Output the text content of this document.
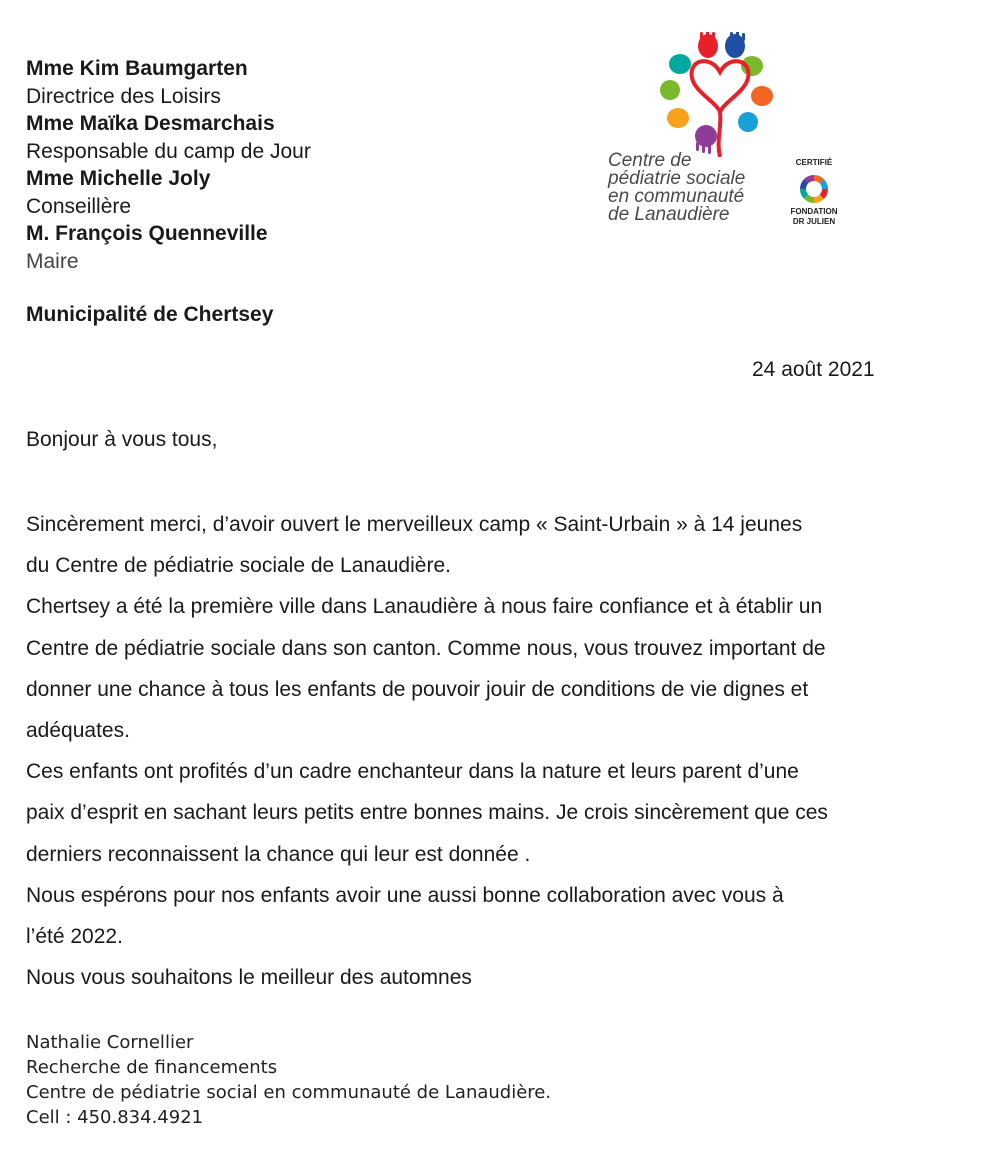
Mme Kim Baumgarten
Directrice des Loisirs
Mme Maïka Desmarchais
Responsable du camp de Jour
Mme Michelle Joly
Conseillère
M. François Quenneville
Maire
Municipalité de Chertsey
24 août 2021
Bonjour à vous tous,
Sincèrement merci, d’avoir ouvert le merveilleux camp « Saint-Urbain » à 14 jeunes
du Centre de pédiatrie sociale de Lanaudière.
Chertsey a été la première ville dans Lanaudière à nous faire confiance et à établir un
Centre de pédiatrie sociale dans son canton. Comme nous, vous trouvez important de
donner une chance à tous les enfants de pouvoir jouir de conditions de vie dignes et
adéquates.
Ces enfants ont profités d’un cadre enchanteur dans la nature et leurs parent d’une
paix d’esprit en sachant leurs petits entre bonnes mains. Je crois sincèrement que ces
derniers reconnaissent la chance qui leur est donnée .
Nous espérons pour nos enfants avoir une aussi bonne collaboration avec vous à
l’été 2022.
Nous vous souhaitons le meilleur des automnes
Nathalie Cornellier
Recherche de financements
Centre de pédiatrie social en communauté de Lanaudière.
Cell : 450.834.4921
Centre de
pédiatrie sociale
en communauté
de Lanaudière
CERTIFIÉ
FONDATION
DR JULIEN
